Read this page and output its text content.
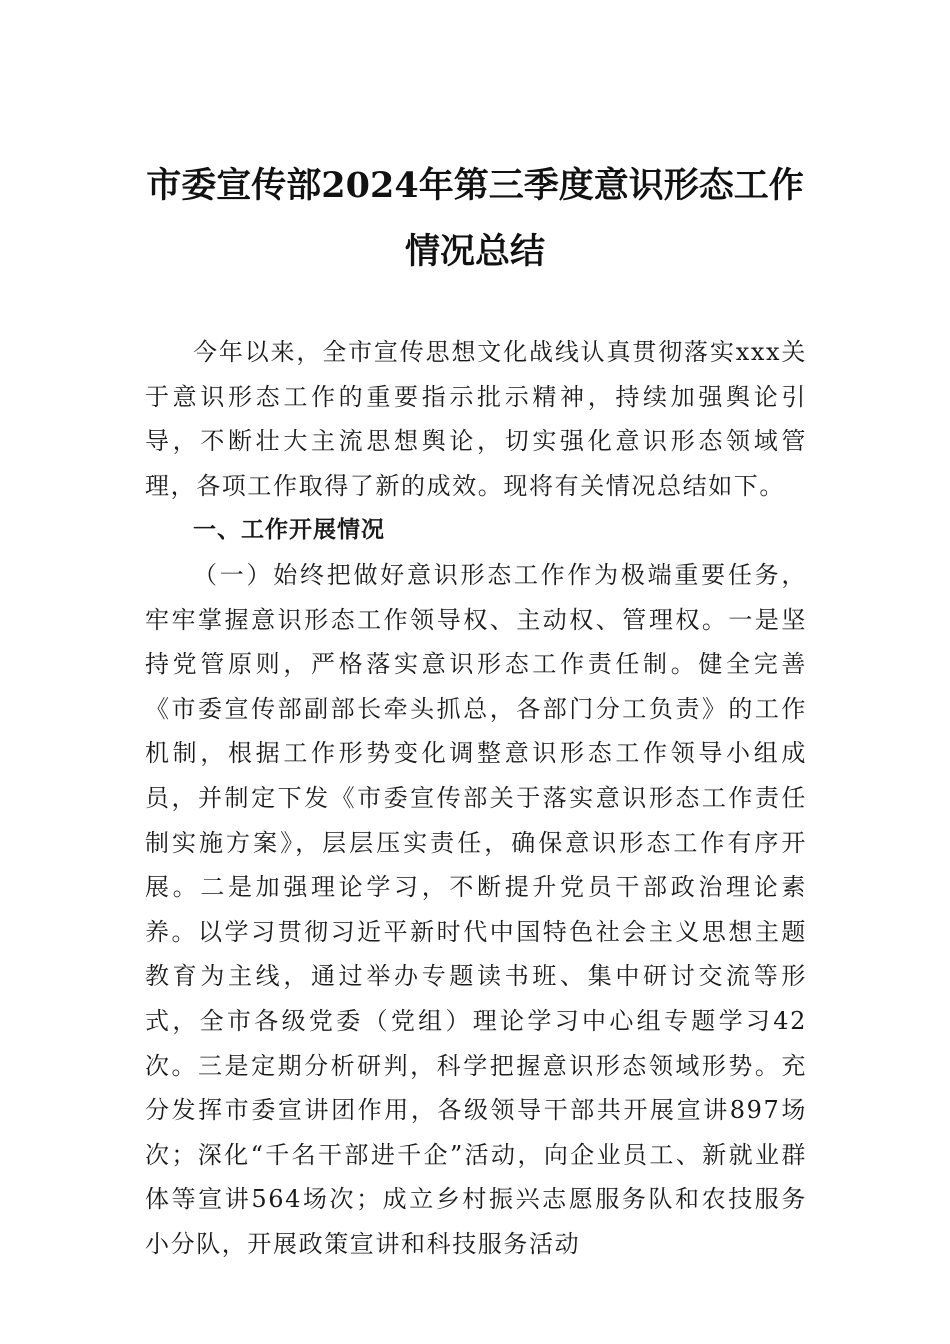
市委宣传部2024年第三季度意识形态工作
情况总结

今年以来，全市宣传思想文化战线认真贯彻落实xxx关于意识形态工作的重要指示批示精神，持续加强舆论引导，不断壮大主流思想舆论，切实强化意识形态领域管理，各项工作取得了新的成效。现将有关情况总结如下。

一、工作开展情况

（一）始终把做好意识形态工作作为极端重要任务，牢牢掌握意识形态工作领导权、主动权、管理权。一是坚持党管原则，严格落实意识形态工作责任制。健全完善《市委宣传部副部长牵头抓总，各部门分工负责》的工作机制，根据工作形势变化调整意识形态工作领导小组成员，并制定下发《市委宣传部关于落实意识形态工作责任制实施方案》，层层压实责任，确保意识形态工作有序开展。二是加强理论学习，不断提升党员干部政治理论素养。以学习贯彻习近平新时代中国特色社会主义思想主题教育为主线，通过举办专题读书班、集中研讨交流等形式，全市各级党委（党组）理论学习中心组专题学习42次。三是定期分析研判，科学把握意识形态领域形势。充分发挥市委宣讲团作用，各级领导干部共开展宣讲897场次；深化“千名干部进千企”活动，向企业员工、新就业群体等宣讲564场次；成立乡村振兴志愿服务队和农技服务小分队，开展政策宣讲和科技服务活动
